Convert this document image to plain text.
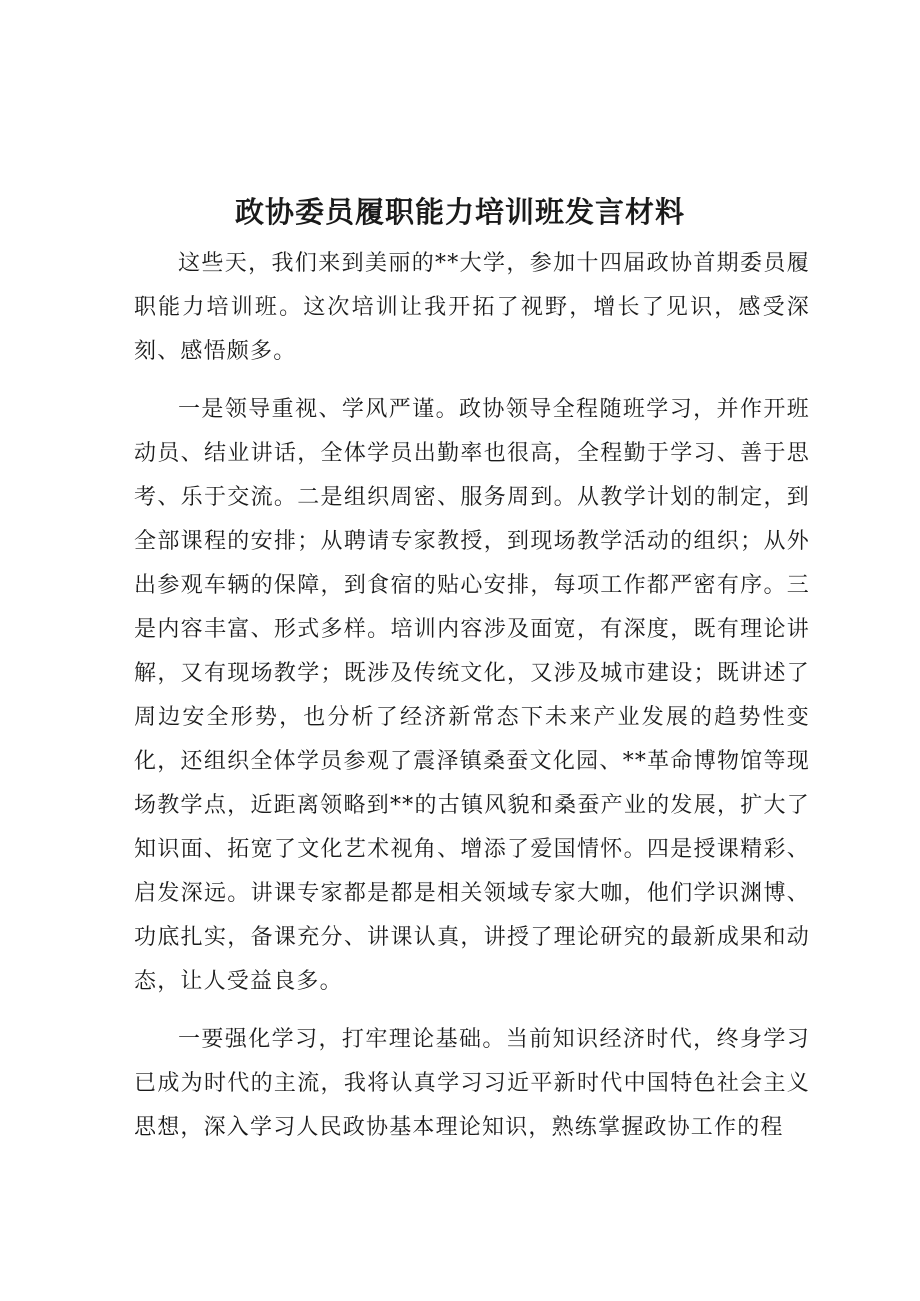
政协委员履职能力培训班发言材料

这些天，我们来到美丽的**大学，参加十四届政协首期委员履职能力培训班。这次培训让我开拓了视野，增长了见识，感受深刻、感悟颇多。

一是领导重视、学风严谨。政协领导全程随班学习，并作开班动员、结业讲话，全体学员出勤率也很高，全程勤于学习、善于思考、乐于交流。二是组织周密、服务周到。从教学计划的制定，到全部课程的安排；从聘请专家教授，到现场教学活动的组织；从外出参观车辆的保障，到食宿的贴心安排，每项工作都严密有序。三是内容丰富、形式多样。培训内容涉及面宽，有深度，既有理论讲解，又有现场教学；既涉及传统文化，又涉及城市建设；既讲述了周边安全形势，也分析了经济新常态下未来产业发展的趋势性变化，还组织全体学员参观了震泽镇桑蚕文化园、**革命博物馆等现场教学点，近距离领略到**的古镇风貌和桑蚕产业的发展，扩大了知识面、拓宽了文化艺术视角、增添了爱国情怀。四是授课精彩、启发深远。讲课专家都是都是相关领域专家大咖，他们学识渊博、功底扎实，备课充分、讲课认真，讲授了理论研究的最新成果和动态，让人受益良多。

一要强化学习，打牢理论基础。当前知识经济时代，终身学习已成为时代的主流，我将认真学习习近平新时代中国特色社会主义思想，深入学习人民政协基本理论知识，熟练掌握政协工作的程
